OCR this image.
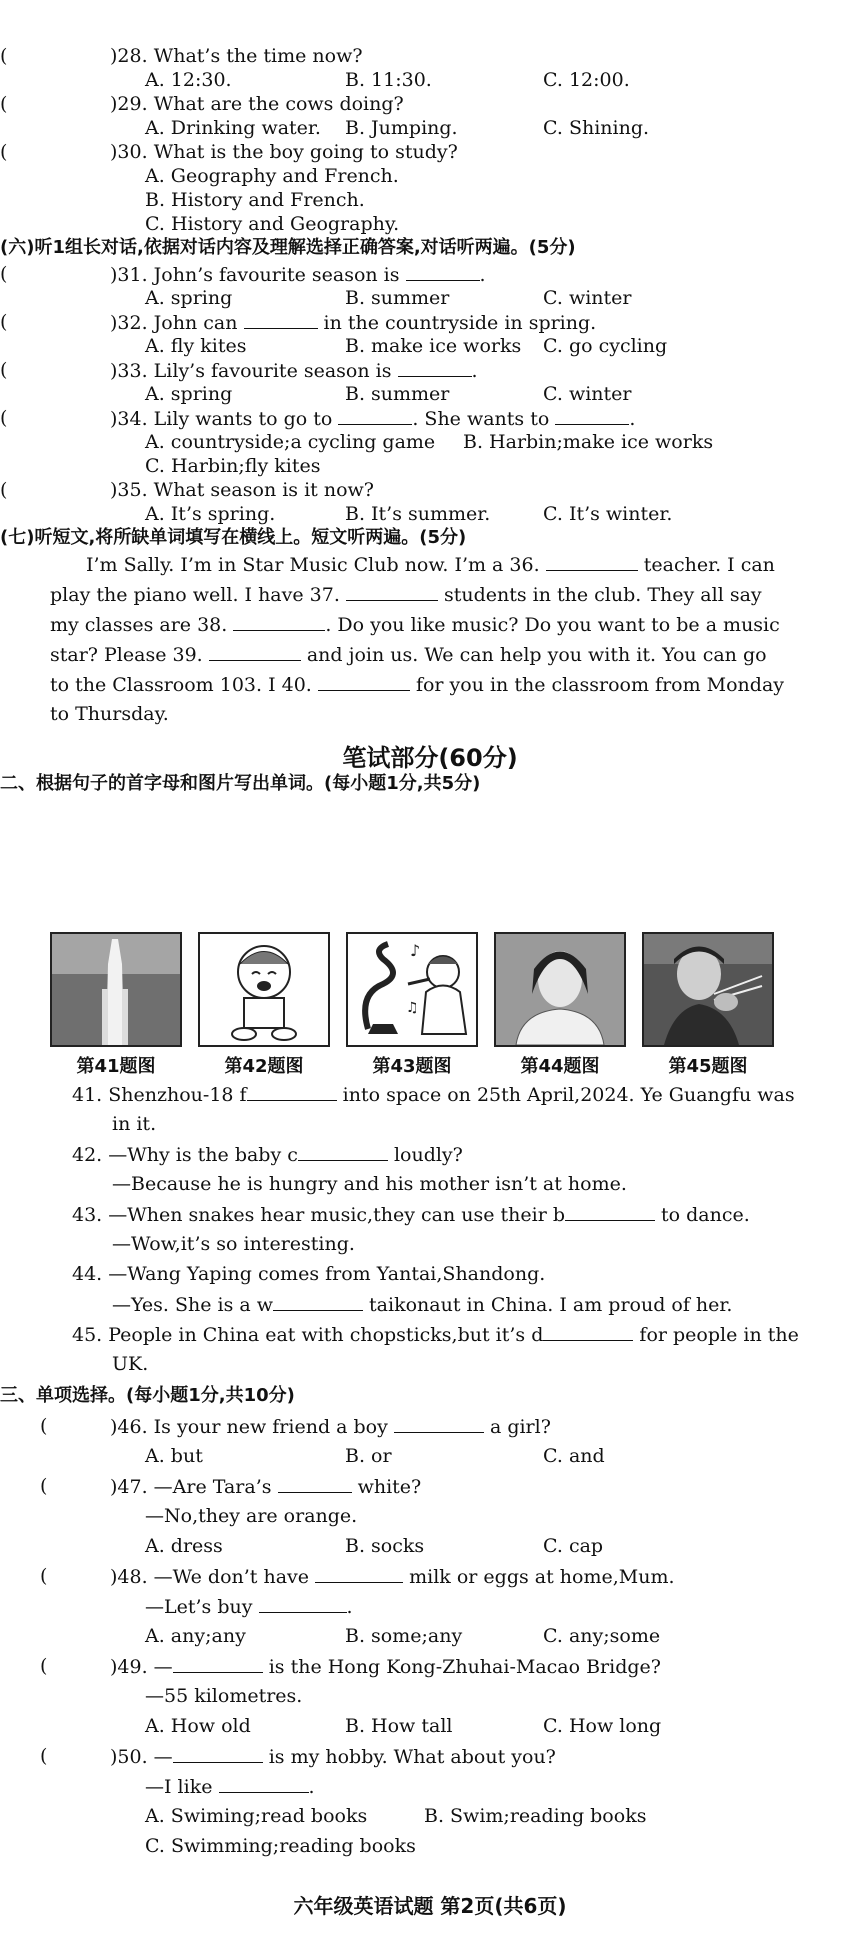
(	)28. What’s the time now?
A. 12:30.	B. 11:30.	C. 12:00.
(	)29. What are the cows doing?
A. Drinking water. B. Jumping.	C. Shining.
(	)30. What is the boy going to study?
A. Geography and French.
B. History and French.
C. History and Geography.
(六)听1组长对话,依据对话内容及理解选择正确答案,对话听两遍。(5分)
(	)31. John’s favourite season is	.
A. spring	B. summer	C. winter
(	)32. John can	in the countryside in spring.
A. fly kites	B. make ice works C. go cycling
(	)33. Lily’s favourite season is	.
A. spring	B. summer	C. winter
(	)34. Lily wants to go to	. She wants to	.
A. countryside;a cycling game B. Harbin;make ice works
C. Harbin;fly kites
(	)35. What season is it now?
A. It’s spring.	B. It’s summer.	C. It’s winter.
(七)听短文,将所缺单词填写在横线上。短文听两遍。(5分)
I’m Sally. I’m in Star Music Club now. I’m a 36.	teacher. I can
play the piano well. I have 37.	students in the club. They all say
my classes are 38.	. Do you like music? Do you want to be a music
star? Please 39.	and join us. We can help you with it. You can go
to the Classroom 103. I 40.	for you in the classroom from Monday
to Thursday.
笔试部分(60分)
二、根据句子的首字母和图片写出单词。(每小题1分,共5分)
♪
♫
第41题图	第42题图	第43题图	第44题图	第45题图
41. Shenzhou-18 f	into space on 25th April,2024. Ye Guangfu was
in it.
42. —Why is the baby c	loudly?
—Because he is hungry and his mother isn’t at home.
43. —When snakes hear music,they can use their b	to dance.
—Wow,it’s so interesting.
44. —Wang Yaping comes from Yantai,Shandong.
—Yes. She is a w	taikonaut in China. I am proud of her.
45. People in China eat with chopsticks,but it’s d	for people in the
UK.
三、单项选择。(每小题1分,共10分)
(	)46. Is your new friend a boy	a girl?
A. but	B. or	C. and
(	)47. —Are Tara’s	white?
—No,they are orange.
A. dress	B. socks	C. cap
(	)48. —We don’t have	milk or eggs at home,Mum.
—Let’s buy	.
A. any;any	B. some;any	C. any;some
(	)49. —	is the Hong Kong-Zhuhai-Macao Bridge?
—55 kilometres.
A. How old	B. How tall	C. How long
(	)50. —	is my hobby. What about you?
—I like	.
A. Swiming;read books	B. Swim;reading books
C. Swimming;reading books
六年级英语试题 第2页(共6页)
